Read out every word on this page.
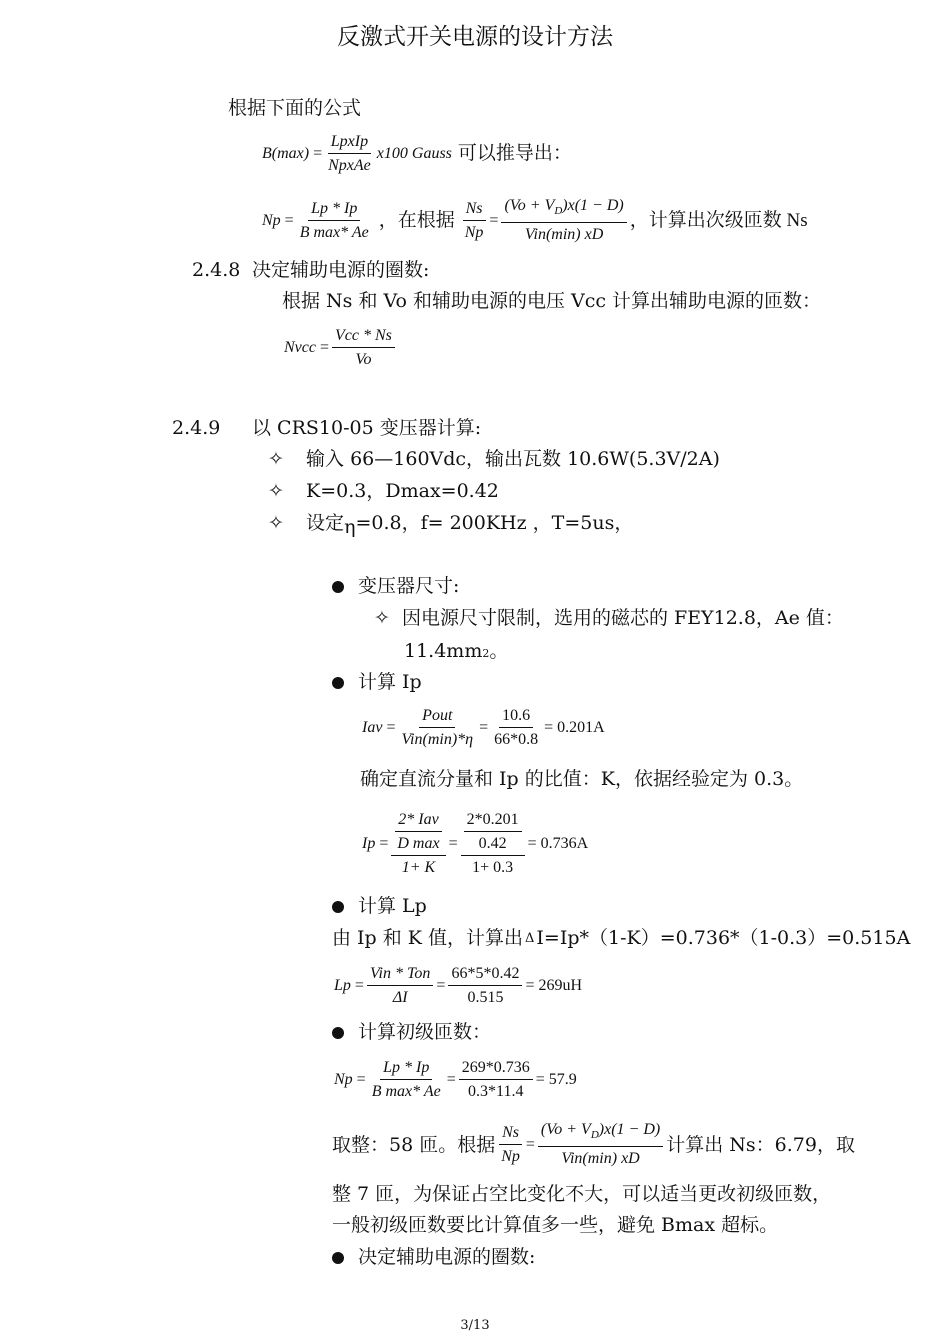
反激式开关电源的设计方法
根据下面的公式
$B(\max) = \frac{\text{LpxIp}}{\text{NpxAe}} x100$ Gauss 可以推导出：
$Np = \frac{Lp * Ip}{\text{B max* Ae}}$ ，在根据 $\frac{Ns}{Np} = \frac{(Vo + V_D)x(1 - D)}{\text{Vin(min) xD}}$ ，计算出次级匝数 Ns
2.4.8 决定辅助电源的圈数:
根据 Ns 和 Vo 和辅助电源的电压 Vcc 计算出辅助电源的匝数：
Nvcc = $\frac{\text{Vcc * Ns}}{Vo}$
2.4.9 以 CRS10-05 变压器计算:
✧ 输入 66—160Vdc，输出瓦数 10.6W(5.3V/2A)
✧ K=0.3，Dmax=0.42
✧ 设定η=0.8，f= 200KHz ，T=5us，
变压器尺寸:
✧ 因电源尺寸限制，选用的磁芯的 FEY12.8，Ae 值：
11.4mm2。
计算 Ip
Iav = $\frac{\text{Pout}}{\text{Vin(min)*η}} = \frac{10.6}{66*0.8} = 0.201A$
确定直流分量和 Ip 的比值：K，依据经验定为 0.3。
$Ip = \frac{\frac{\text{2* Iav}}{\text{D max}}}{1+ K} = \frac{\frac{2*0.201}{0.42}}{1+ 0.3} = 0.736A$
计算 Lp
由 Ip 和 K 值，计算出 Δ I=Ip*（1-K）=0.736*（1-0.3）=0.515A
$Lp = \frac{\text{Vin * Ton}}{\Delta I} = \frac{66*5*0.42}{0.515} = 269uH$
计算初级匝数：
$Np = \frac{Lp * Ip}{\text{B max* Ae}} = \frac{269*0.736}{0.3*11.4} = 57.9$
取整：58 匝。根据 $\frac{Ns}{Np} = \frac{(Vo + V_D)x(1 - D)}{\text{Vin(min) xD}}$ 计算出 Ns：6.79，取
整 7 匝，为保证占空比变化不大，可以适当更改初级匝数，
一般初级匝数要比计算值多一些，避免 Bmax 超标。
决定辅助电源的圈数:
3/13
